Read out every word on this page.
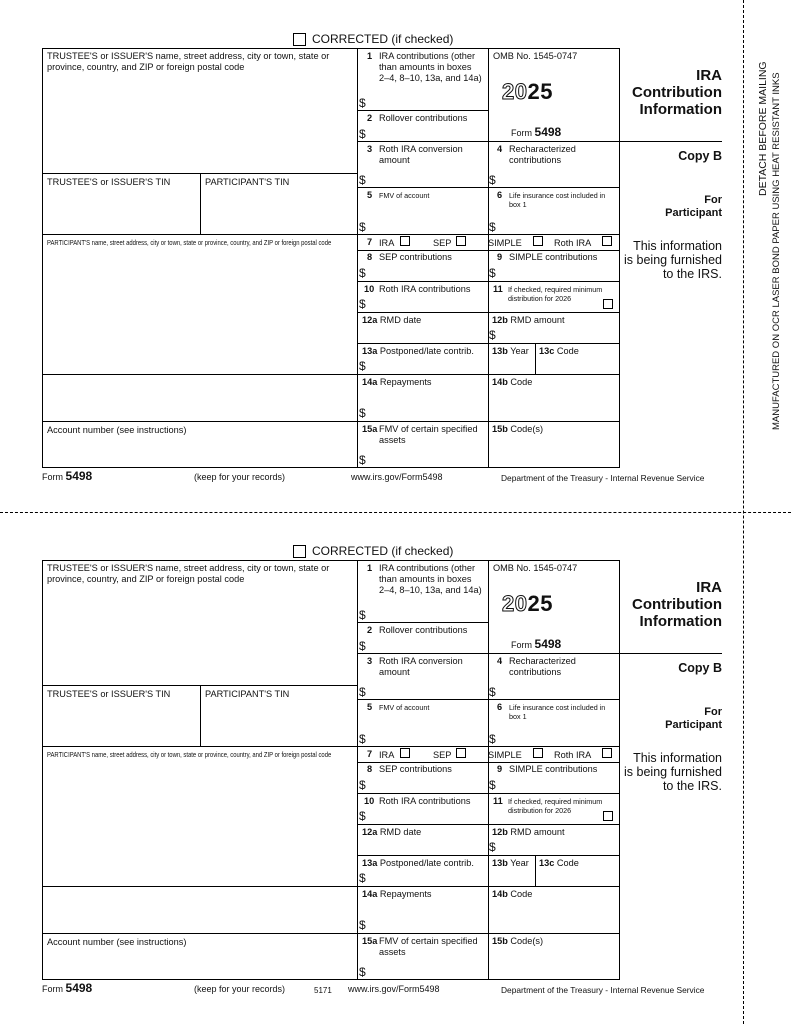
CORRECTED (if checked)
TRUSTEE'S or ISSUER'S name, street address, city or town, state or province, country, and ZIP or foreign postal code
TRUSTEE'S or ISSUER'S TIN	PARTICIPANT'S TIN
PARTICIPANT'S name, street address, city or town, state or province, country, and ZIP or foreign postal code
Account number (see instructions)
1 IRA contributions (other than amounts in boxes 2–4, 8–10, 13a, and 14a)
$
2 Rollover contributions
$
OMB No. 1545-0747
2025
Form 5498
IRA
Contribution
Information
Copy B
For
Participant
This information is being furnished to the IRS.
3 Roth IRA conversion amount
$
4 Recharacterized contributions
$
5 FMV of account
$
6 Life insurance cost included in box 1
$
7 IRA	SEP	SIMPLE	Roth IRA
8 SEP contributions
$
9 SIMPLE contributions
$
10 Roth IRA contributions
$
11 If checked, required minimum distribution for 2026
12a RMD date	12b RMD amount
$
13a Postponed/late contrib.
$
13b Year 13c Code
14a Repayments
$
14b Code
15a FMV of certain specified assets
$
15b Code(s)
Form 5498	(keep for your records)	www.irs.gov/Form5498	Department of the Treasury - Internal Revenue Service
DETACH BEFORE MAILING MANUFACTURED ON OCR LASER BOND PAPER USING HEAT RESISTANT INKS
CORRECTED (if checked)
TRUSTEE'S or ISSUER'S name, street address, city or town, state or province, country, and ZIP or foreign postal code
TRUSTEE'S or ISSUER'S TIN	PARTICIPANT'S TIN
PARTICIPANT'S name, street address, city or town, state or province, country, and ZIP or foreign postal code
Account number (see instructions)
1 IRA contributions (other than amounts in boxes 2–4, 8–10, 13a, and 14a)
$
2 Rollover contributions
$
OMB No. 1545-0747
2025
Form 5498
IRA
Contribution
Information
Copy B
For
Participant
This information is being furnished to the IRS.
3 Roth IRA conversion amount
$
4 Recharacterized contributions
$
5 FMV of account
$
6 Life insurance cost included in box 1
$
7 IRA	SEP	SIMPLE	Roth IRA
8 SEP contributions
$
9 SIMPLE contributions
$
10 Roth IRA contributions
$
11 If checked, required minimum distribution for 2026
12a RMD date	12b RMD amount
$
13a Postponed/late contrib.
$
13b Year 13c Code
14a Repayments
$
14b Code
15a FMV of certain specified assets
$
15b Code(s)
Form 5498	(keep for your records)	5171 www.irs.gov/Form5498	Department of the Treasury - Internal Revenue Service
